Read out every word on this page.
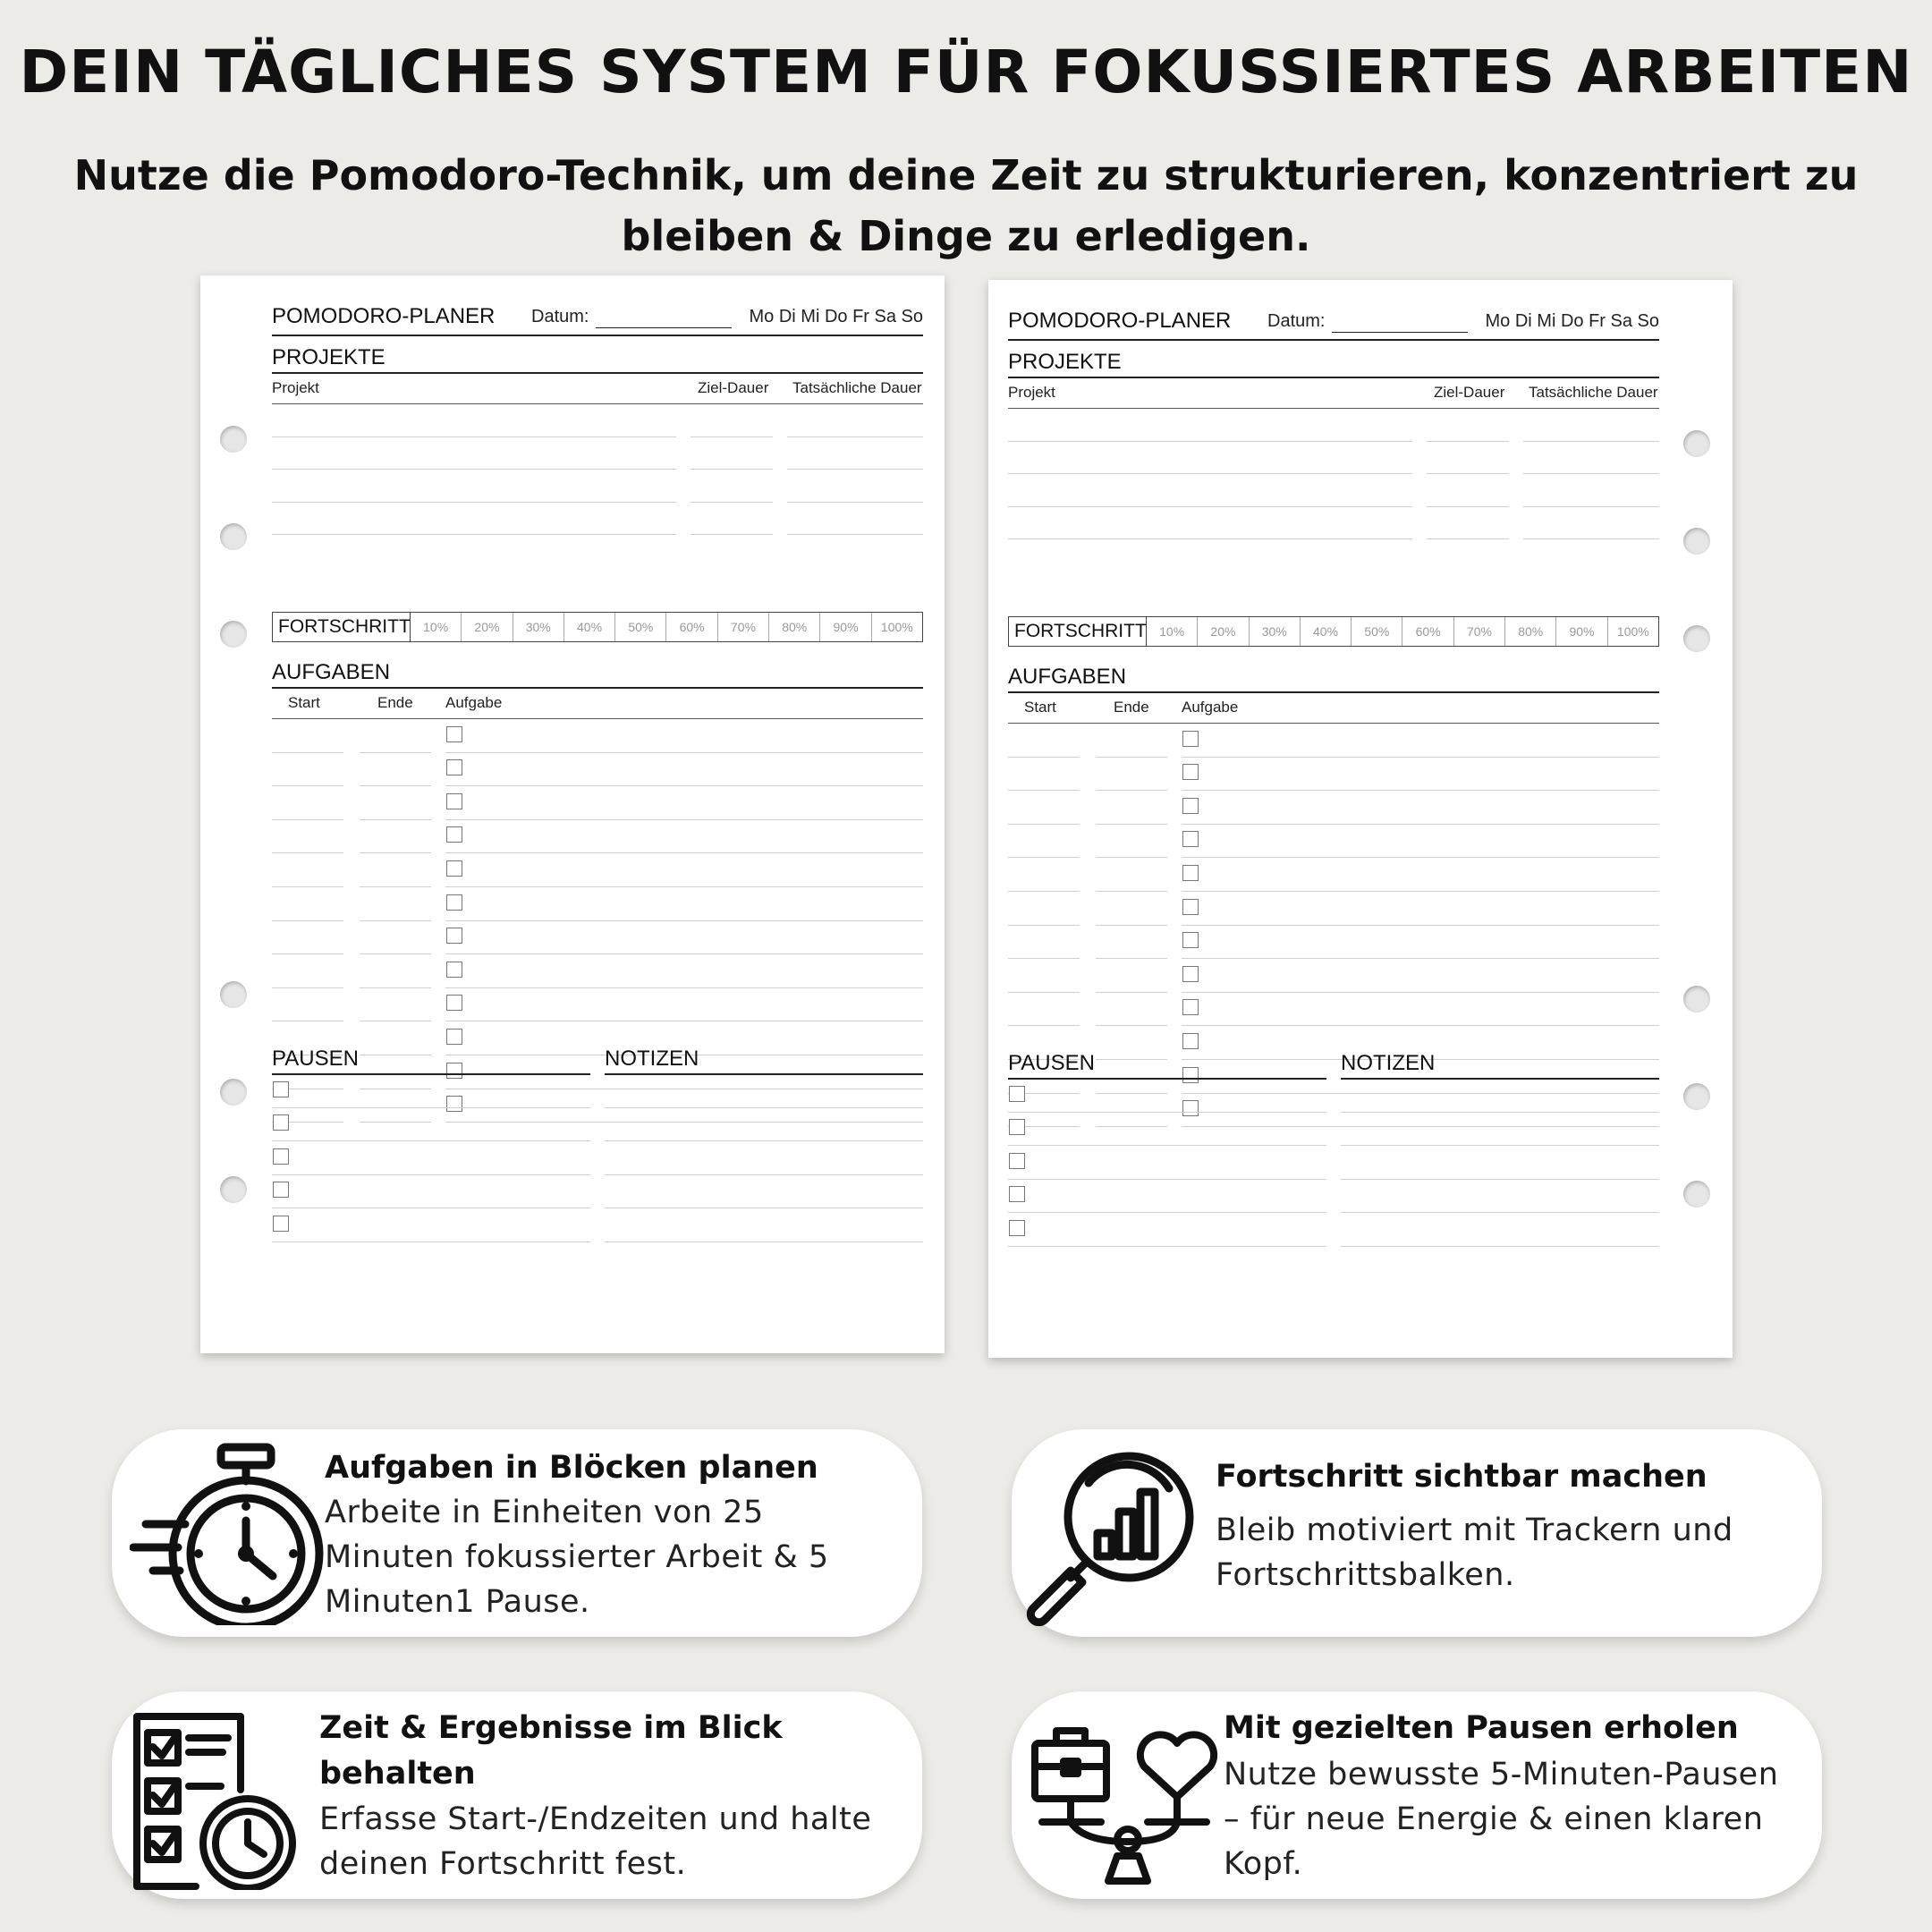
DEIN TÄGLICHES SYSTEM FÜR FOKUSSIERTES ARBEITEN

Nutze die Pomodoro-Technik, um deine Zeit zu strukturieren, konzentriert zu bleiben & Dinge zu erledigen.

POMODORO-PLANER Datum:	Mo Di Mi Do Fr Sa So
PROJEKTE
Projekt	Ziel-Dauer Tatsächliche Dauer
FORTSCHRITT	10%	20%	30%	40%	50%	60%	70%	80%	90%	100%
AUFGABEN
Start	Ende Aufgabe
PAUSEN	NOTIZEN
POMODORO-PLANER Datum:	Mo Di Mi Do Fr Sa So
PROJEKTE
Projekt	Ziel-Dauer Tatsächliche Dauer
FORTSCHRITT	10%	20%	30%	40%	50%	60%	70%	80%	90%	100%
AUFGABEN
Start	Ende Aufgabe
PAUSEN	NOTIZEN
Aufgaben in Blöcken planen

Arbeite in Einheiten von 25 Minuten fokussierter Arbeit & 5 Minuten1 Pause.

Fortschritt sichtbar machen

Bleib motiviert mit Trackern und Fortschrittsbalken.

Zeit & Ergebnisse im Blick behalten

Erfasse Start-/Endzeiten und halte deinen Fortschritt fest.

Mit gezielten Pausen erholen

Nutze bewusste 5-Minuten-Pausen – für neue Energie & einen klaren Kopf.
